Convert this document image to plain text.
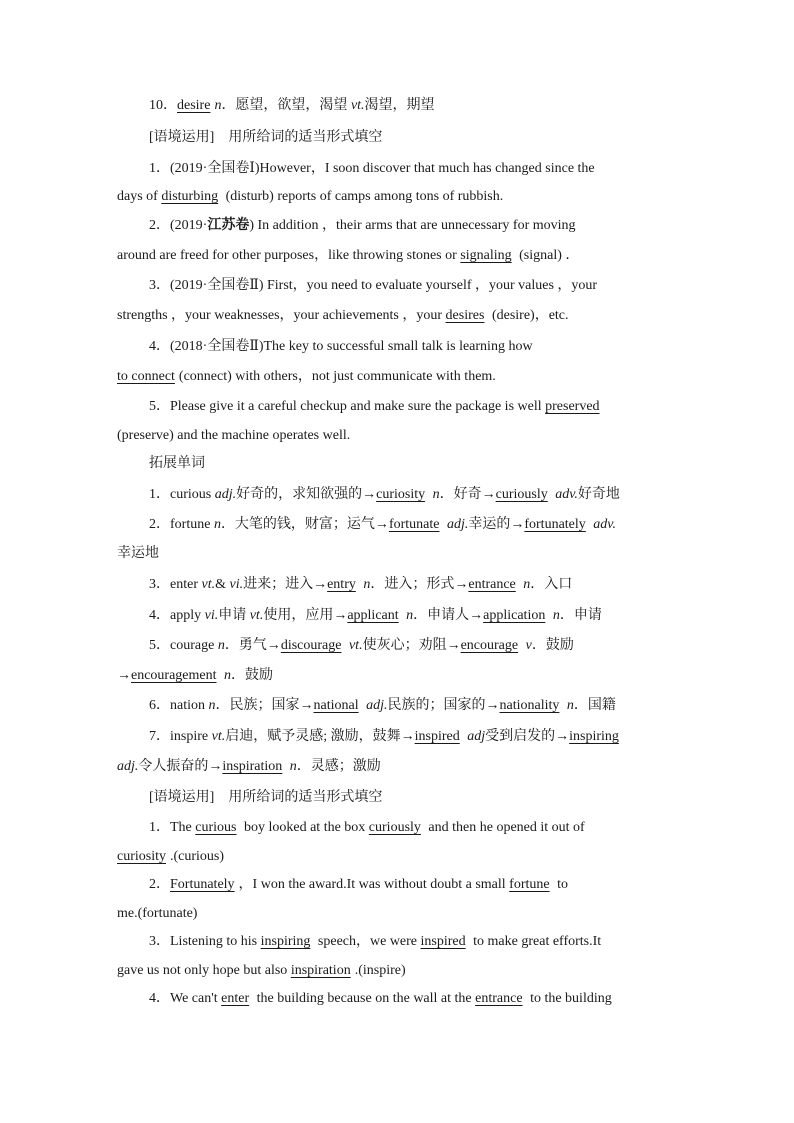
10．desire n．愿望，欲望，渴望 vt.渴望，期望
[语境运用]　用所给词的适当形式填空
1．(2019·全国卷Ⅰ)However，I soon discover that much has changed since the
days of disturbing (disturb) reports of camps among tons of rubbish.
2．(2019·江苏卷) In addition ，their arms that are unnecessary for moving
around are freed for other purposes，like throwing stones or signaling (signal) ．
3．(2019·全国卷Ⅱ) First，you need to evaluate yourself ，your values ，your
strengths ，your weaknesses，your achievements ，your desires (desire)，etc.
4．(2018·全国卷Ⅱ)The key to successful small talk is learning how
to connect (connect) with others，not just communicate with them.
5．Please give it a careful checkup and make sure the package is well preserved
(preserve) and the machine operates well.
拓展单词
1．curious adj.好奇的，求知欲强的→curiosity n．好奇→curiously adv.好奇地
2．fortune n．大笔的钱，财富；运气→fortunate adj.幸运的→fortunately adv.
幸运地
3．enter vt.& vi.进来；进入→entry n．进入；形式→entrance n．入口
4．apply vi.申请 vt.使用，应用→applicant n．申请人→application n．申请
5．courage n．勇气→discourage vt.使灰心；劝阻→encourage v．鼓励
→encouragement n．鼓励
6．nation n．民族；国家→national adj.民族的；国家的→nationality n．国籍
7．inspire vt.启迪，赋予灵感; 激励，鼓舞→inspired adj受到启发的→inspiring
adj.令人振奋的→inspiration n．灵感；激励
[语境运用]　用所给词的适当形式填空
1．The curious boy looked at the box curiously and then he opened it out of
curiosity .(curious)
2．Fortunately ，I won the award.It was without doubt a small fortune to
me.(fortunate)
3．Listening to his inspiring speech，we were inspired to make great efforts.It
gave us not only hope but also inspiration .(inspire)
4．We can't enter the building because on the wall at the entrance to the building
